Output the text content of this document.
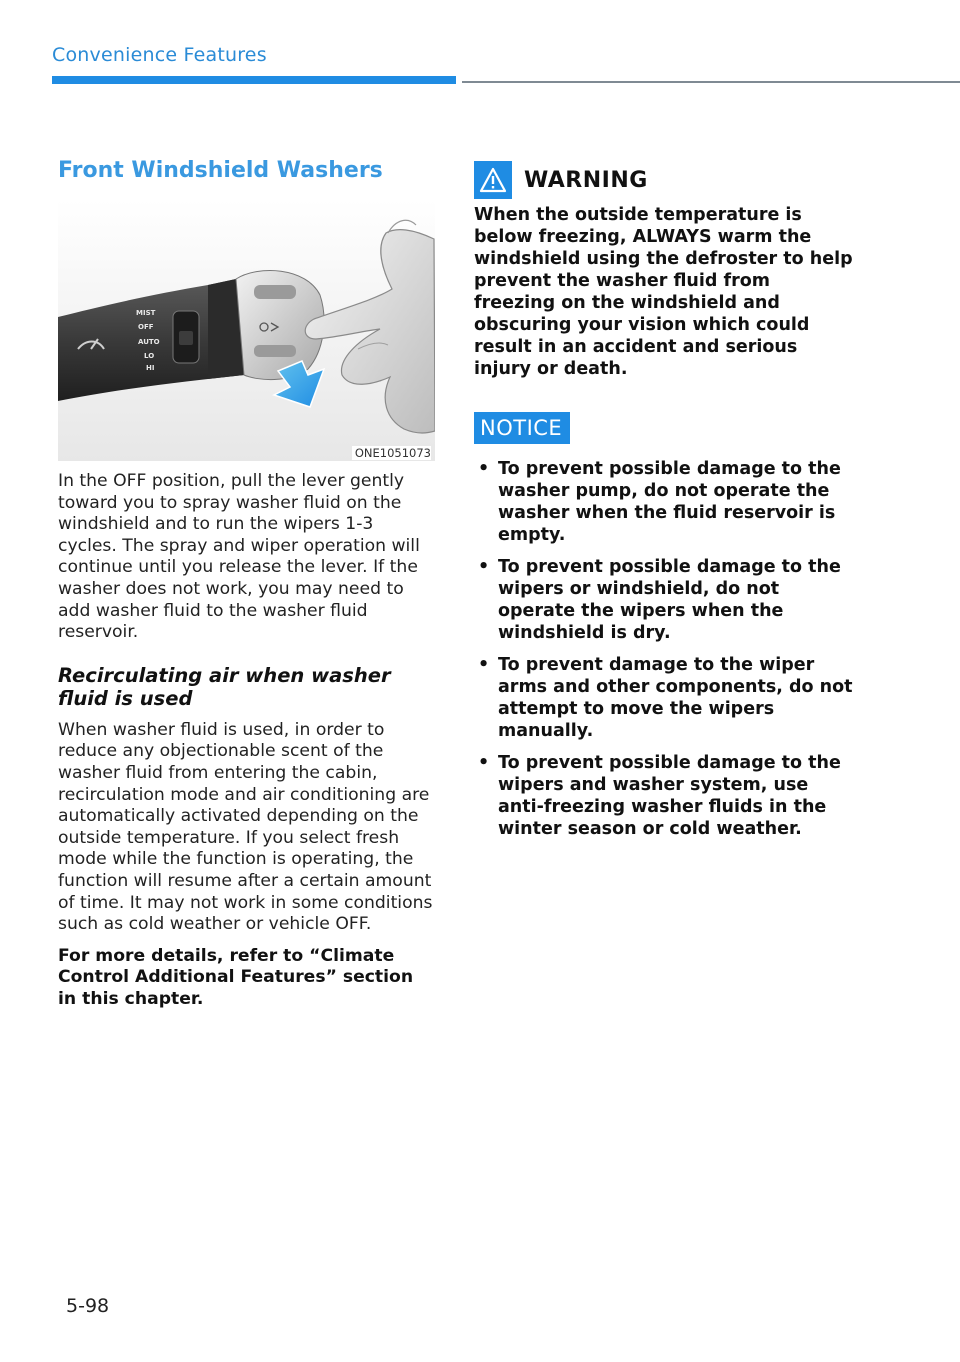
Convenience Features
Front Windshield Washers
MIST
OFF
AUTO
LO
HI
ONE1051073

In the OFF position, pull the lever gently toward you to spray washer fluid on the windshield and to run the wipers 1-3 cycles. The spray and wiper operation will continue until you release the lever. If the washer does not work, you may need to add washer fluid to the washer fluid reservoir.

Recirculating air when washer fluid is used

When washer fluid is used, in order to reduce any objectionable scent of the washer fluid from entering the cabin, recirculation mode and air conditioning are automatically activated depending on the outside temperature. If you select fresh mode while the function is operating, the function will resume after a certain amount of time. It may not work in some conditions such as cold weather or vehicle OFF.

For more details, refer to “Climate Control Additional Features” section in this chapter.

WARNING

When the outside temperature is below freezing, ALWAYS warm the windshield using the defroster to help prevent the washer fluid from freezing on the windshield and obscuring your vision which could result in an accident and serious injury or death.

NOTICE
• To prevent possible damage to the washer pump, do not operate the washer when the fluid reservoir is empty.
• To prevent possible damage to the wipers or windshield, do not operate the wipers when the windshield is dry.
• To prevent damage to the wiper arms and other components, do not attempt to move the wipers manually.
• To prevent possible damage to the wipers and washer system, use anti-freezing washer fluids in the winter season or cold weather.
5-98
